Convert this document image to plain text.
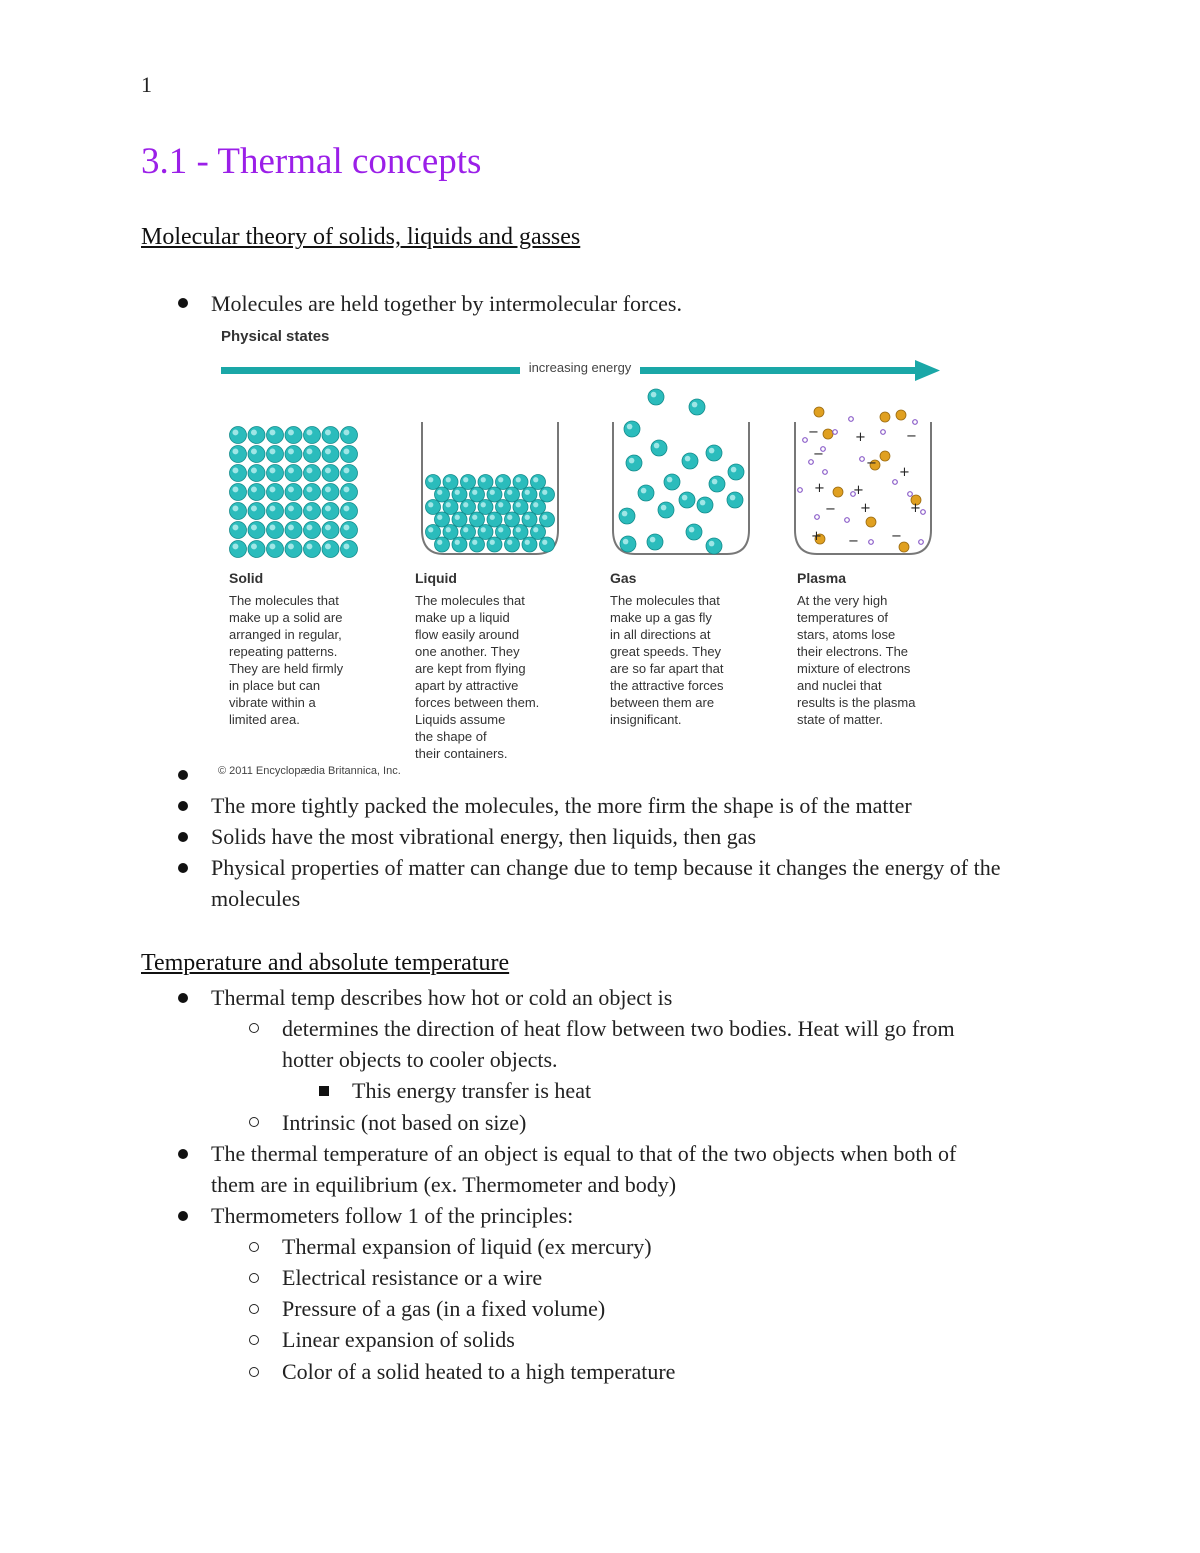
1
3.1 - Thermal concepts
Molecular theory of solids, liquids and gasses
Molecules are held together by intermolecular forces.
Physical states
−	+
−
−
+
−
+ +
−	+
−
+
+
−
increasing energy
Solid
The molecules that
make up a solid are
arranged in regular,
repeating patterns.
They are held firmly
in place but can
vibrate within a
limited area.
Liquid
The molecules that
make up a liquid
flow easily around
one another. They
are kept from flying
apart by attractive
forces between them.
Liquids assume
the shape of
their containers.
Gas
The molecules that
make up a gas fly
in all directions at
great speeds. They
are so far apart that
the attractive forces
between them are
insignificant.
Plasma
At the very high
temperatures of
stars, atoms lose
their electrons. The
mixture of electrons
and nuclei that
results is the plasma
state of matter.
© 2011 Encyclopædia Britannica, Inc.
The more tightly packed the molecules, the more firm the shape is of the matter
Solids have the most vibrational energy, then liquids, then gas
Physical properties of matter can change due to temp because it changes the energy of the
molecules
Temperature and absolute temperature
Thermal temp describes how hot or cold an object is
determines the direction of heat flow between two bodies. Heat will go from
hotter objects to cooler objects.
This energy transfer is heat
Intrinsic (not based on size)
The thermal temperature of an object is equal to that of the two objects when both of
them are in equilibrium (ex. Thermometer and body)
Thermometers follow 1 of the principles:
Thermal expansion of liquid (ex mercury)
Electrical resistance or a wire
Pressure of a gas (in a fixed volume)
Linear expansion of solids
Color of a solid heated to a high temperature
